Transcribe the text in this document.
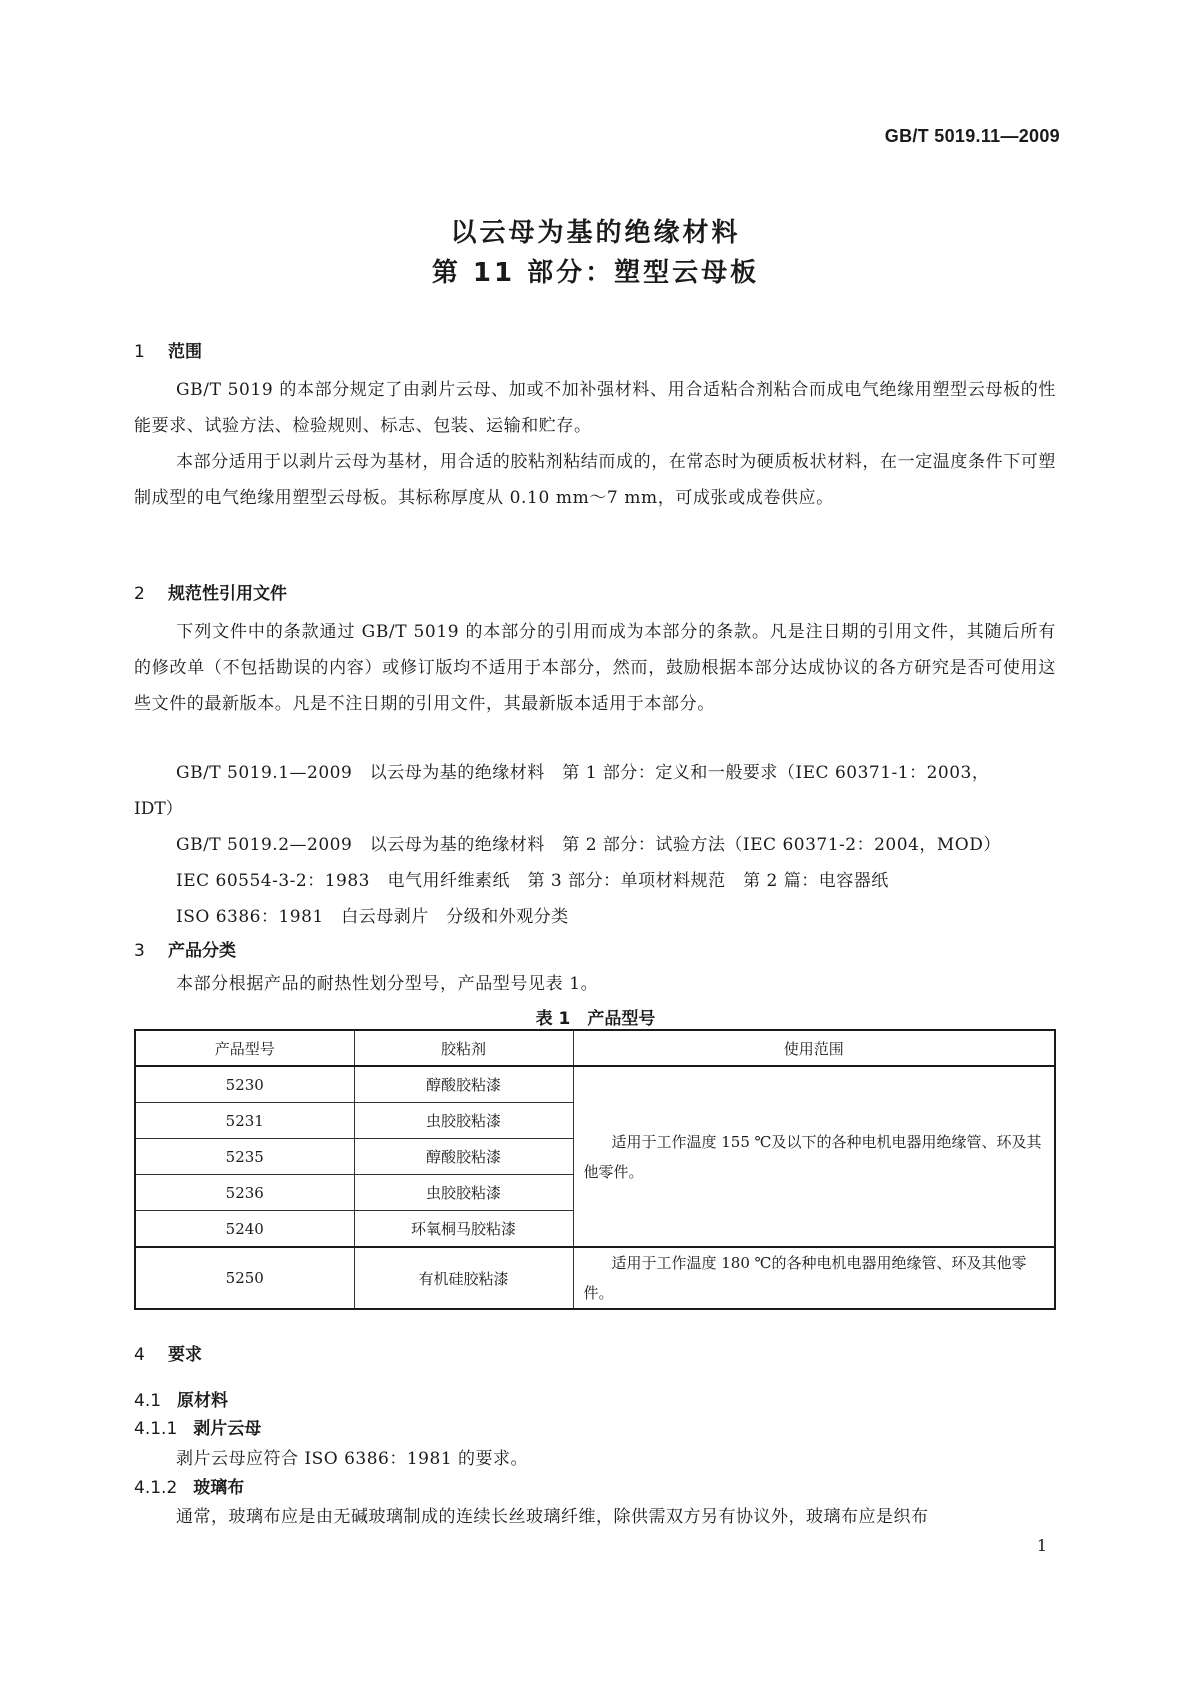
GB/T 5019.11—2009
以云母为基的绝缘材料
第 11 部分：塑型云母板
1 范围
GB/T 5019 的本部分规定了由剥片云母、加或不加补强材料、用合适粘合剂粘合而成电气绝缘用塑型云母板的性能要求、试验方法、检验规则、标志、包装、运输和贮存。
本部分适用于以剥片云母为基材，用合适的胶粘剂粘结而成的，在常态时为硬质板状材料，在一定温度条件下可塑制成型的电气绝缘用塑型云母板。其标称厚度从 0.10 mm～7 mm，可成张或成卷供应。
2 规范性引用文件
下列文件中的条款通过 GB/T 5019 的本部分的引用而成为本部分的条款。凡是注日期的引用文件，其随后所有的修改单（不包括勘误的内容）或修订版均不适用于本部分，然而，鼓励根据本部分达成协议的各方研究是否可使用这些文件的最新版本。凡是不注日期的引用文件，其最新版本适用于本部分。
GB/T 5019.1—2009　以云母为基的绝缘材料　第 1 部分：定义和一般要求（IEC 60371-1：2003，
IDT）
GB/T 5019.2—2009　以云母为基的绝缘材料　第 2 部分：试验方法（IEC 60371-2：2004，MOD）
IEC 60554-3-2：1983　电气用纤维素纸　第 3 部分：单项材料规范　第 2 篇：电容器纸
ISO 6386：1981　白云母剥片　分级和外观分类
3 产品分类
本部分根据产品的耐热性划分型号，产品型号见表 1。
表 1　产品型号
产品型号	胶粘剂	使用范围
5230	醇酸胶粘漆	适用于工作温度 155 ℃及以下的各种电机电器用绝缘管、环及其他零件。
5231	虫胶胶粘漆	
5235	醇酸胶粘漆	
5236	虫胶胶粘漆	
5240	环氧桐马胶粘漆	
5250	有机硅胶粘漆	适用于工作温度 180 ℃的各种电机电器用绝缘管、环及其他零件。
4 要求
4.1 原材料
4.1.1 剥片云母
剥片云母应符合 ISO 6386：1981 的要求。
4.1.2 玻璃布
通常，玻璃布应是由无碱玻璃制成的连续长丝玻璃纤维，除供需双方另有协议外，玻璃布应是织布
1
